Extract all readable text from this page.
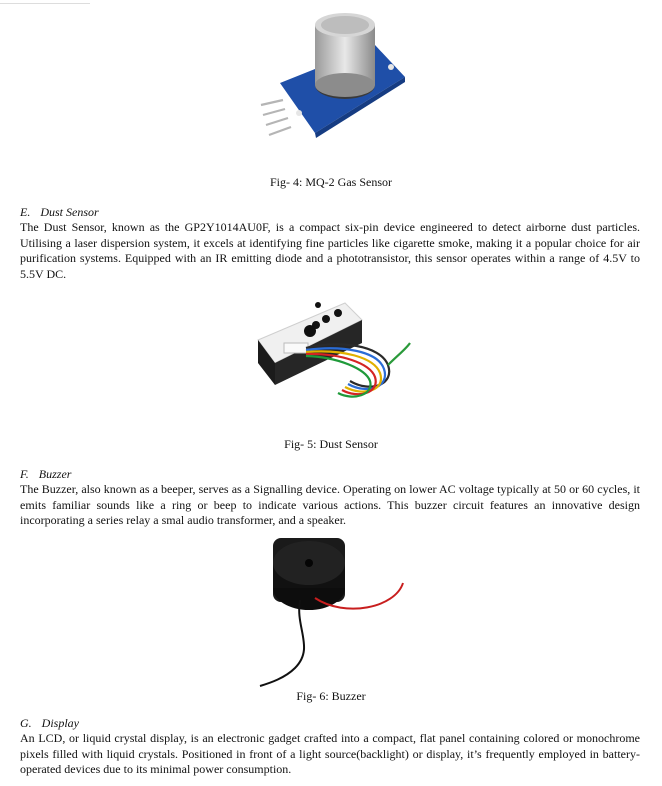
Fig- 4: MQ-2 Gas Sensor
E. Dust Sensor
The Dust Sensor, known as the GP2Y1014AU0F, is a compact six-pin device engineered to detect airborne dust particles. Utilising a laser dispersion system, it excels at identifying fine particles like cigarette smoke, making it a popular choice for air purification systems. Equipped with an IR emitting diode and a phototransistor, this sensor operates within a range of 4.5V to 5.5V DC.
Fig- 5: Dust Sensor
F. Buzzer
The Buzzer, also known as a beeper, serves as a Signalling device. Operating on lower AC voltage typically at 50 or 60 cycles, it emits familiar sounds like a ring or beep to indicate various actions. This buzzer circuit features an innovative design incorporating a series relay a smal audio transformer, and a speaker.
Fig- 6: Buzzer
G. Display
An LCD, or liquid crystal display, is an electronic gadget crafted into a compact, flat panel containing colored or monochrome pixels filled with liquid crystals. Positioned in front of a light source(backlight) or display, it’s frequently employed in battery-operated devices due to its minimal power consumption.
